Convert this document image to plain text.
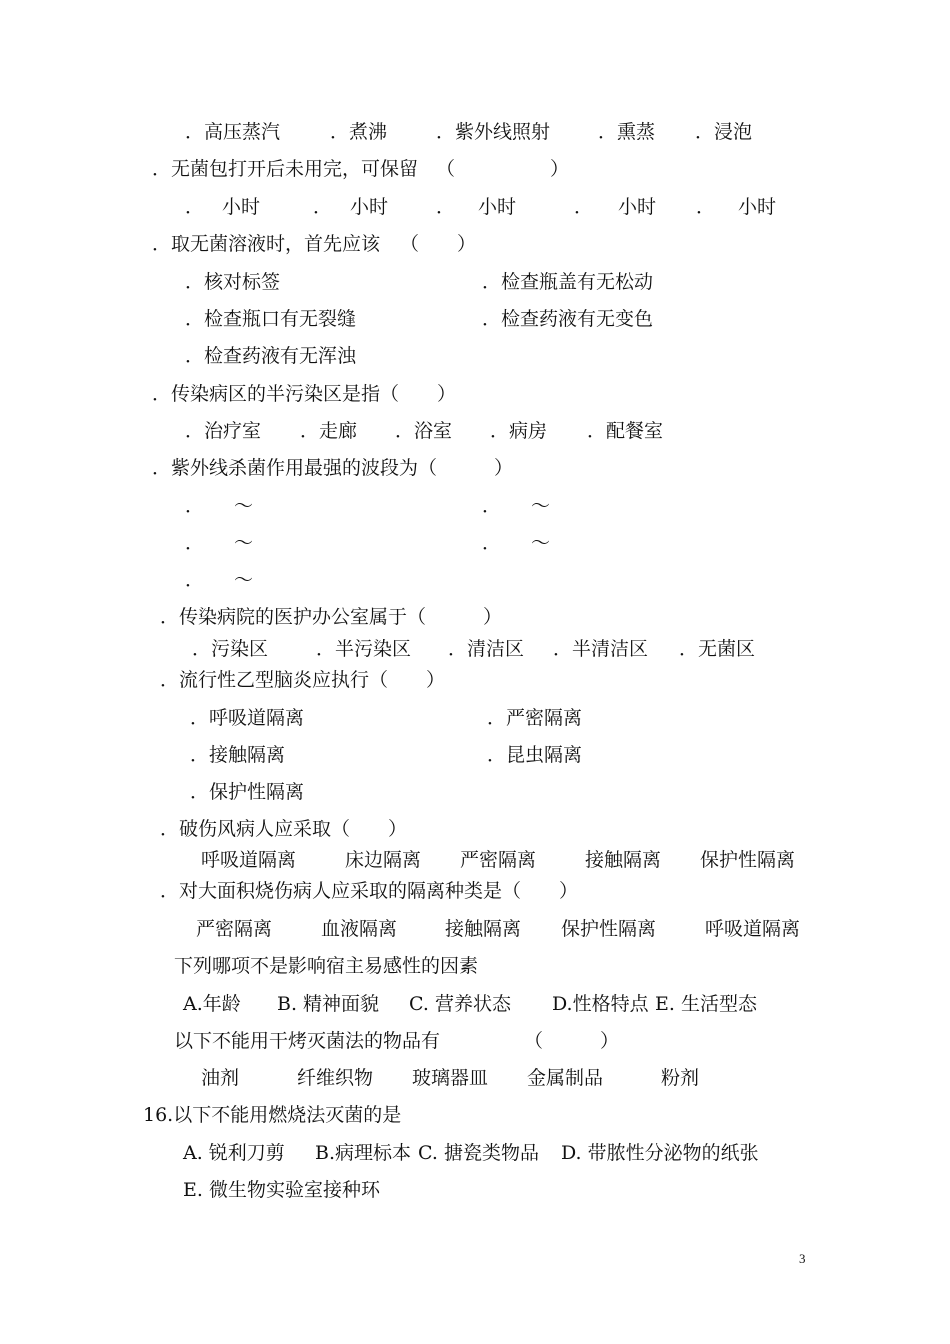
．高压蒸汽	．煮沸	．紫外线照射	．熏蒸 ．浸泡
．无菌包打开后未用完，可保留 （　　　　　）
． 小时	． 小时	． 小时	． 小时 ． 小时
．取无菌溶液时，首先应该 （　　）
．核对标签	．检查瓶盖有无松动
．检查瓶口有无裂缝	．检查药液有无变色
．检查药液有无浑浊
．传染病区的半污染区是指（　　）
．治疗室 ．走廊 ．浴室 ．病房 ．配餐室
．紫外线杀菌作用最强的波段为（　　　）
． ～	． ～
． ～	． ～
． ～
．传染病院的医护办公室属于（　　　）
．污染区	．半污染区 ．清洁区 ．半清洁区 ．无菌区
．流行性乙型脑炎应执行（　　）
．呼吸道隔离	．严密隔离
．接触隔离	．昆虫隔离
．保护性隔离
．破伤风病人应采取（　　）
呼吸道隔离	床边隔离 严密隔离	接触隔离 保护性隔离
．对大面积烧伤病人应采取的隔离种类是（　　）
严密隔离	血液隔离	接触隔离 保护性隔离	呼吸道隔离
下列哪项不是影响宿主易感性的因素
A.年龄 B. 精神面貌 C. 营养状态 D.性格特点 E. 生活型态
以下不能用干烤灭菌法的物品有	（　　　）
油剂	纤维织物 玻璃器皿 金属制品	粉剂
16.以下不能用燃烧法灭菌的是
A. 锐利刀剪 B.病理标本 C. 搪瓷类物品 D. 带脓性分泌物的纸张
E. 微生物实验室接种环
3
